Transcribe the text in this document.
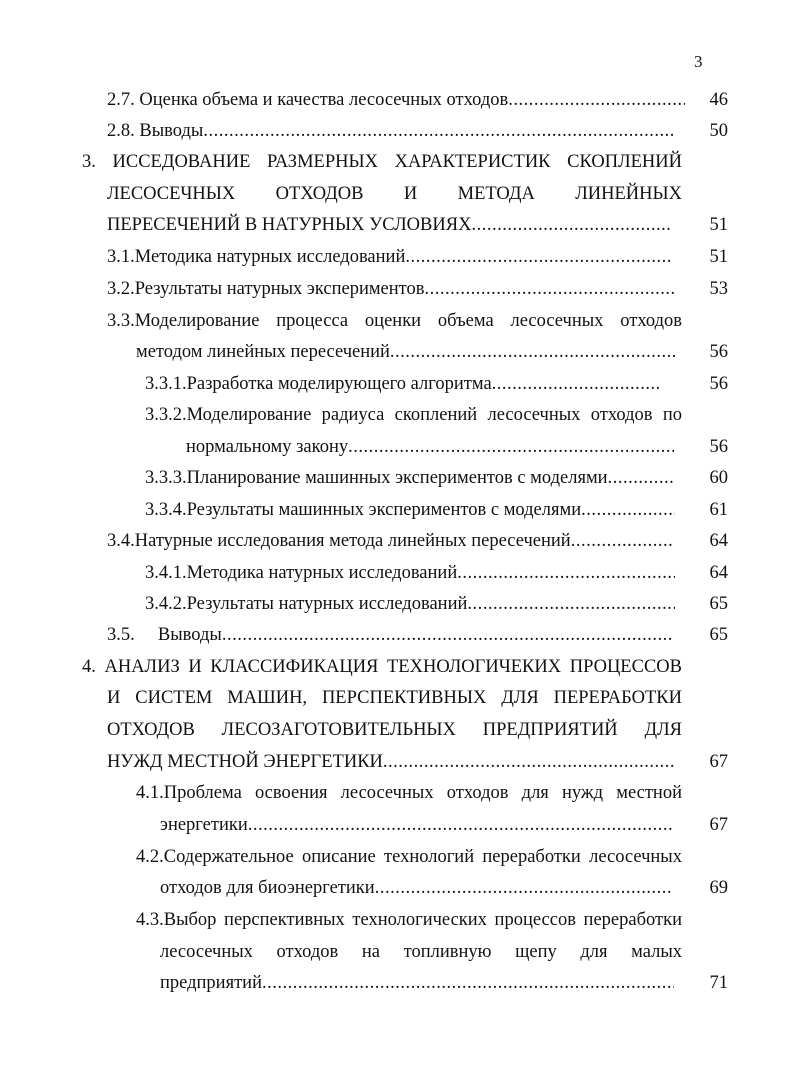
3
2.7. Оценка объема и качества лесосечных отходов .....	46
2.8. Выводы .....	50
3. ИССЕДОВАНИЕ РАЗМЕРНЫХ ХАРАКТЕРИСТИК СКОПЛЕНИЙ
ЛЕСОСЕЧНЫХ ОТХОДОВ И МЕТОДА ЛИНЕЙНЫХ
ПЕРЕСЕЧЕНИЙ В НАТУРНЫХ УСЛОВИЯХ .....	51
3.1.Методика натурных исследований .....	51
3.2.Результаты натурных экспериментов .....	53
3.3.Моделирование процесса оценки объема лесосечных отходов
методом линейных пересечений .....	56
3.3.1.Разработка моделирующего алгоритма .....	56
3.3.2.Моделирование радиуса скоплений лесосечных отходов по
нормальному закону .....	56
3.3.3.Планирование машинных экспериментов с моделями .....	60
3.3.4.Результаты машинных экспериментов с моделями .....	61
3.4.Натурные исследования метода линейных пересечений .....	64
3.4.1.Методика натурных исследований .....	64
3.4.2.Результаты натурных исследований .....	65
3.5.     Выводы .....	65
4. АНАЛИЗ И КЛАССИФИКАЦИЯ ТЕХНОЛОГИЧЕКИХ ПРОЦЕССОВ
И СИСТЕМ МАШИН, ПЕРСПЕКТИВНЫХ ДЛЯ ПЕРЕРАБОТКИ
ОТХОДОВ ЛЕСОЗАГОТОВИТЕЛЬНЫХ ПРЕДПРИЯТИЙ ДЛЯ
НУЖД МЕСТНОЙ ЭНЕРГЕТИКИ .....	67
4.1.Проблема освоения лесосечных отходов для нужд местной
энергетики .....	67
4.2.Содержательное описание технологий переработки лесосечных
отходов для биоэнергетики .....	69
4.3.Выбор перспективных технологических процессов переработки
лесосечных отходов на топливную щепу для малых
предприятий .....	71
